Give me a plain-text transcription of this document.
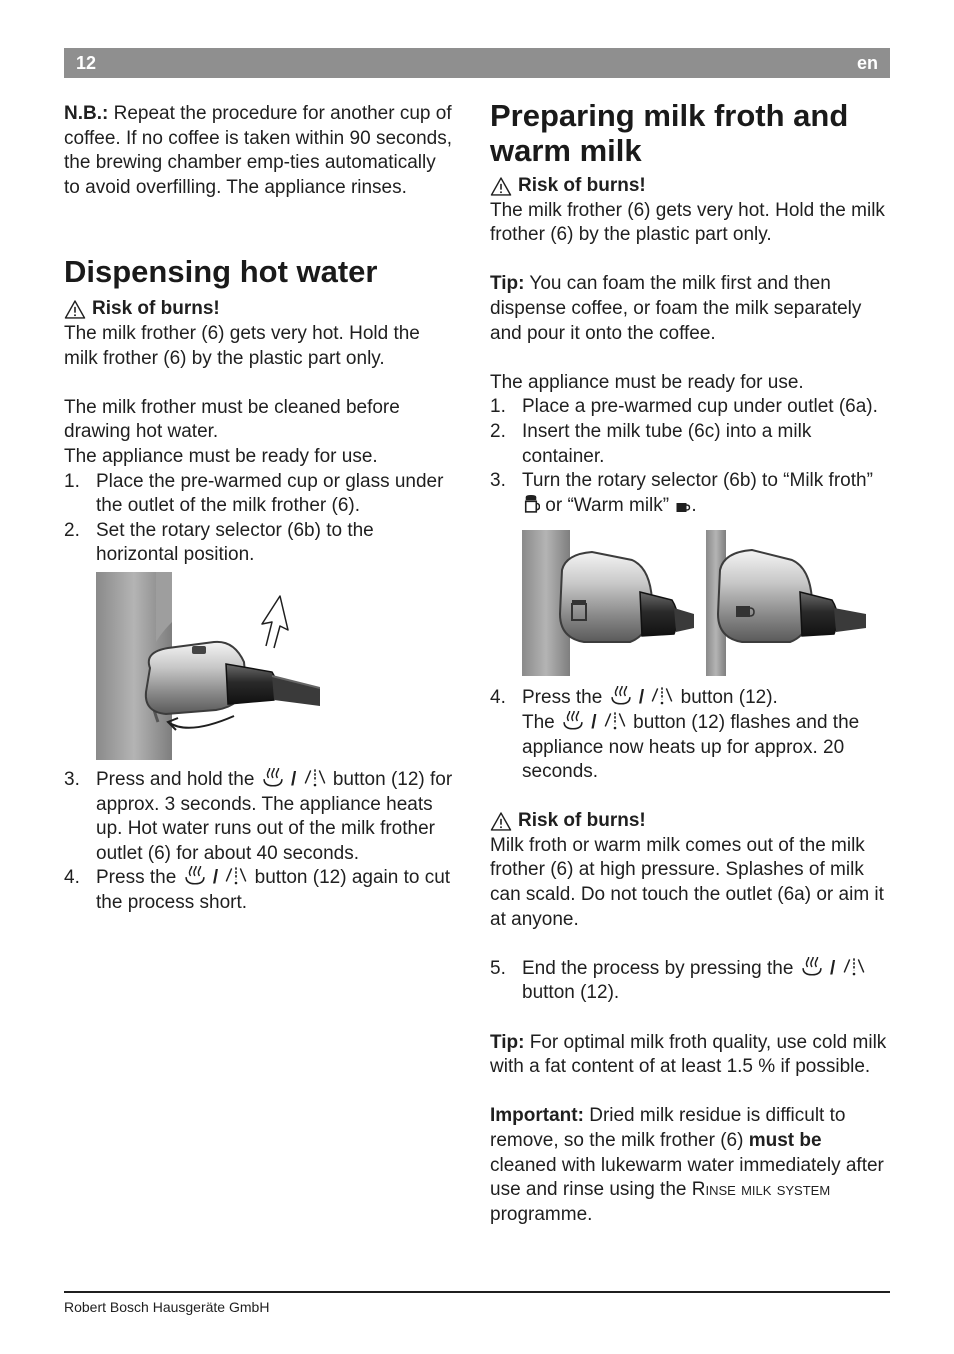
12	en

N.B.: Repeat the procedure for another cup of coffee. If no coffee is taken within 90 seconds, the brewing chamber emp-ties automatically to avoid overfilling. The appliance rinses.

Dispensing hot water
Risk of burns!

The milk frother (6) gets very hot. Hold the milk frother (6) by the plastic part only.

The milk frother must be cleaned before drawing hot water.

The appliance must be ready for use.

1. Place the pre-warmed cup or glass under the outlet of the milk frother (6).
2. Set the rotary selector (6b) to the horizontal position.
3. Press and hold the  /  button (12) for approx. 3 seconds. The appliance heats up. Hot water runs out of the milk frother outlet (6) for about 40 seconds.
4. Press the  /  button (12) again to cut the process short.
Preparing milk froth and warm milk
Risk of burns!

The milk frother (6) gets very hot. Hold the milk frother (6) by the plastic part only.

Tip: You can foam the milk first and then dispense coffee, or foam the milk separately and pour it onto the coffee.

The appliance must be ready for use.

1. Place a pre-warmed cup under outlet (6a).
2. Insert the milk tube (6c) into a milk container.
3. Turn the rotary selector (6b) to “Milk froth”  or “Warm milk” .
4. Press the  /  button (12).
The  /  button (12) flashes and the appliance now heats up for approx. 20 seconds.
Risk of burns!

Milk froth or warm milk comes out of the milk frother (6) at high pressure. Splashes of milk can scald. Do not touch the outlet (6a) or aim it at anyone.

5. End the process by pressing the  /
button (12).

Tip: For optimal milk froth quality, use cold milk with a fat content of at least 1.5 % if possible.

Important: Dried milk residue is difficult to remove, so the milk frother (6) must be cleaned with lukewarm water immediately after use and rinse using the Rinse milk system programme.

Robert Bosch Hausgeräte GmbH
